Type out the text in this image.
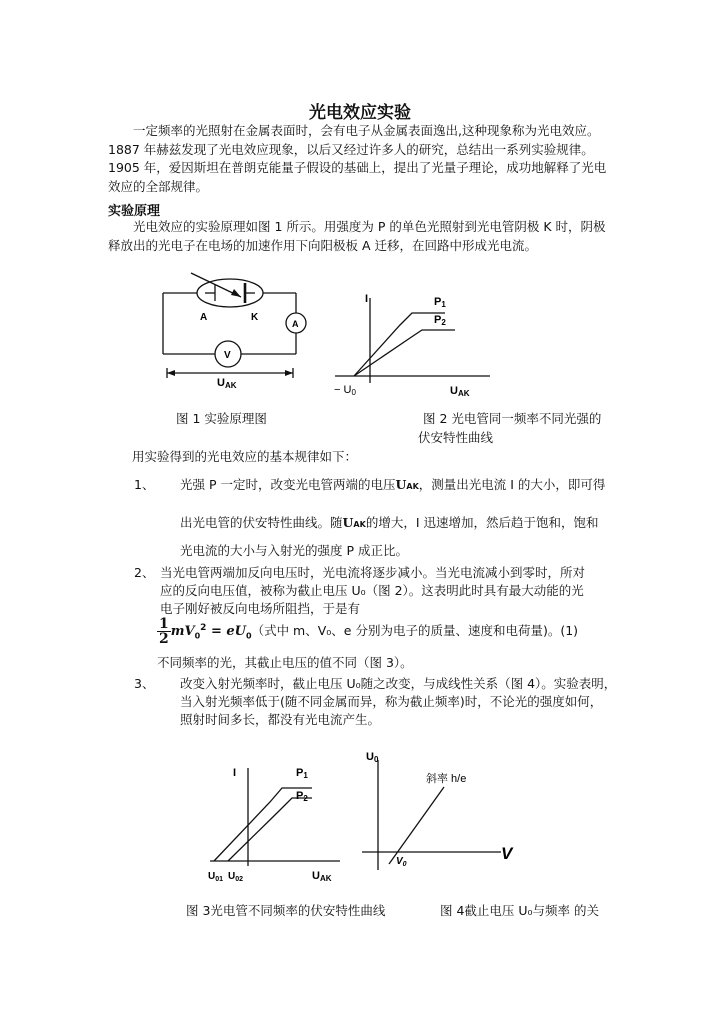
光电效应实验
一定频率的光照射在金属表面时，会有电子从金属表面逸出,这种现象称为光电效应。1887 年赫兹发现了光电效应现象，以后又经过许多人的研究，总结出一系列实验规律。1905 年，爱因斯坦在普朗克能量子假设的基础上，提出了光量子理论，成功地解释了光电效应的全部规律。
实验原理
光电效应的实验原理如图 1 所示。用强度为 P 的单色光照射到光电管阴极 K 时，阴极释放出的光电子在电场的加速作用下向阳极板 A 迁移，在回路中形成光电流。
A	K
A
V
UAK
I	P1
P2
− U0	UAK
图 1 实验原理图	图 2 光电管同一频率不同光强的
伏安特性曲线
用实验得到的光电效应的基本规律如下：
1、 光强 P 一定时，改变光电管两端的电压UAK，测量出光电流 I 的大小，即可得
出光电管的伏安特性曲线。随UAK的增大，I 迅速增加，然后趋于饱和，饱和
光电流的大小与入射光的强度 P 成正比。
2、 当光电管两端加反向电压时，光电流将逐步减小。当光电流减小到零时，所对
应的反向电压值，被称为截止电压 U₀（图 2）。这表明此时具有最大动能的光
电子刚好被反向电场所阻挡，于是有
$\frac{1}{2} mV_0^2 = eU_0$（式中 m、V₀、e 分别为电子的质量、速度和电荷量)。(1)
不同频率的光，其截止电压的值不同（图 3）。
3、 改变入射光频率时，截止电压 U₀随之改变，与成线性关系（图 4）。实验表明，
当入射光频率低于(随不同金属而异，称为截止频率)时，不论光的强度如何，
照射时间多长，都没有光电流产生。
I	P1
P2
$U_{01}$ $U_{02}$	UAK
U0
斜率 h/e
$V_0$
V
图 3光电管不同频率的伏安特性曲线	图 4截止电压 U₀与频率 的关
